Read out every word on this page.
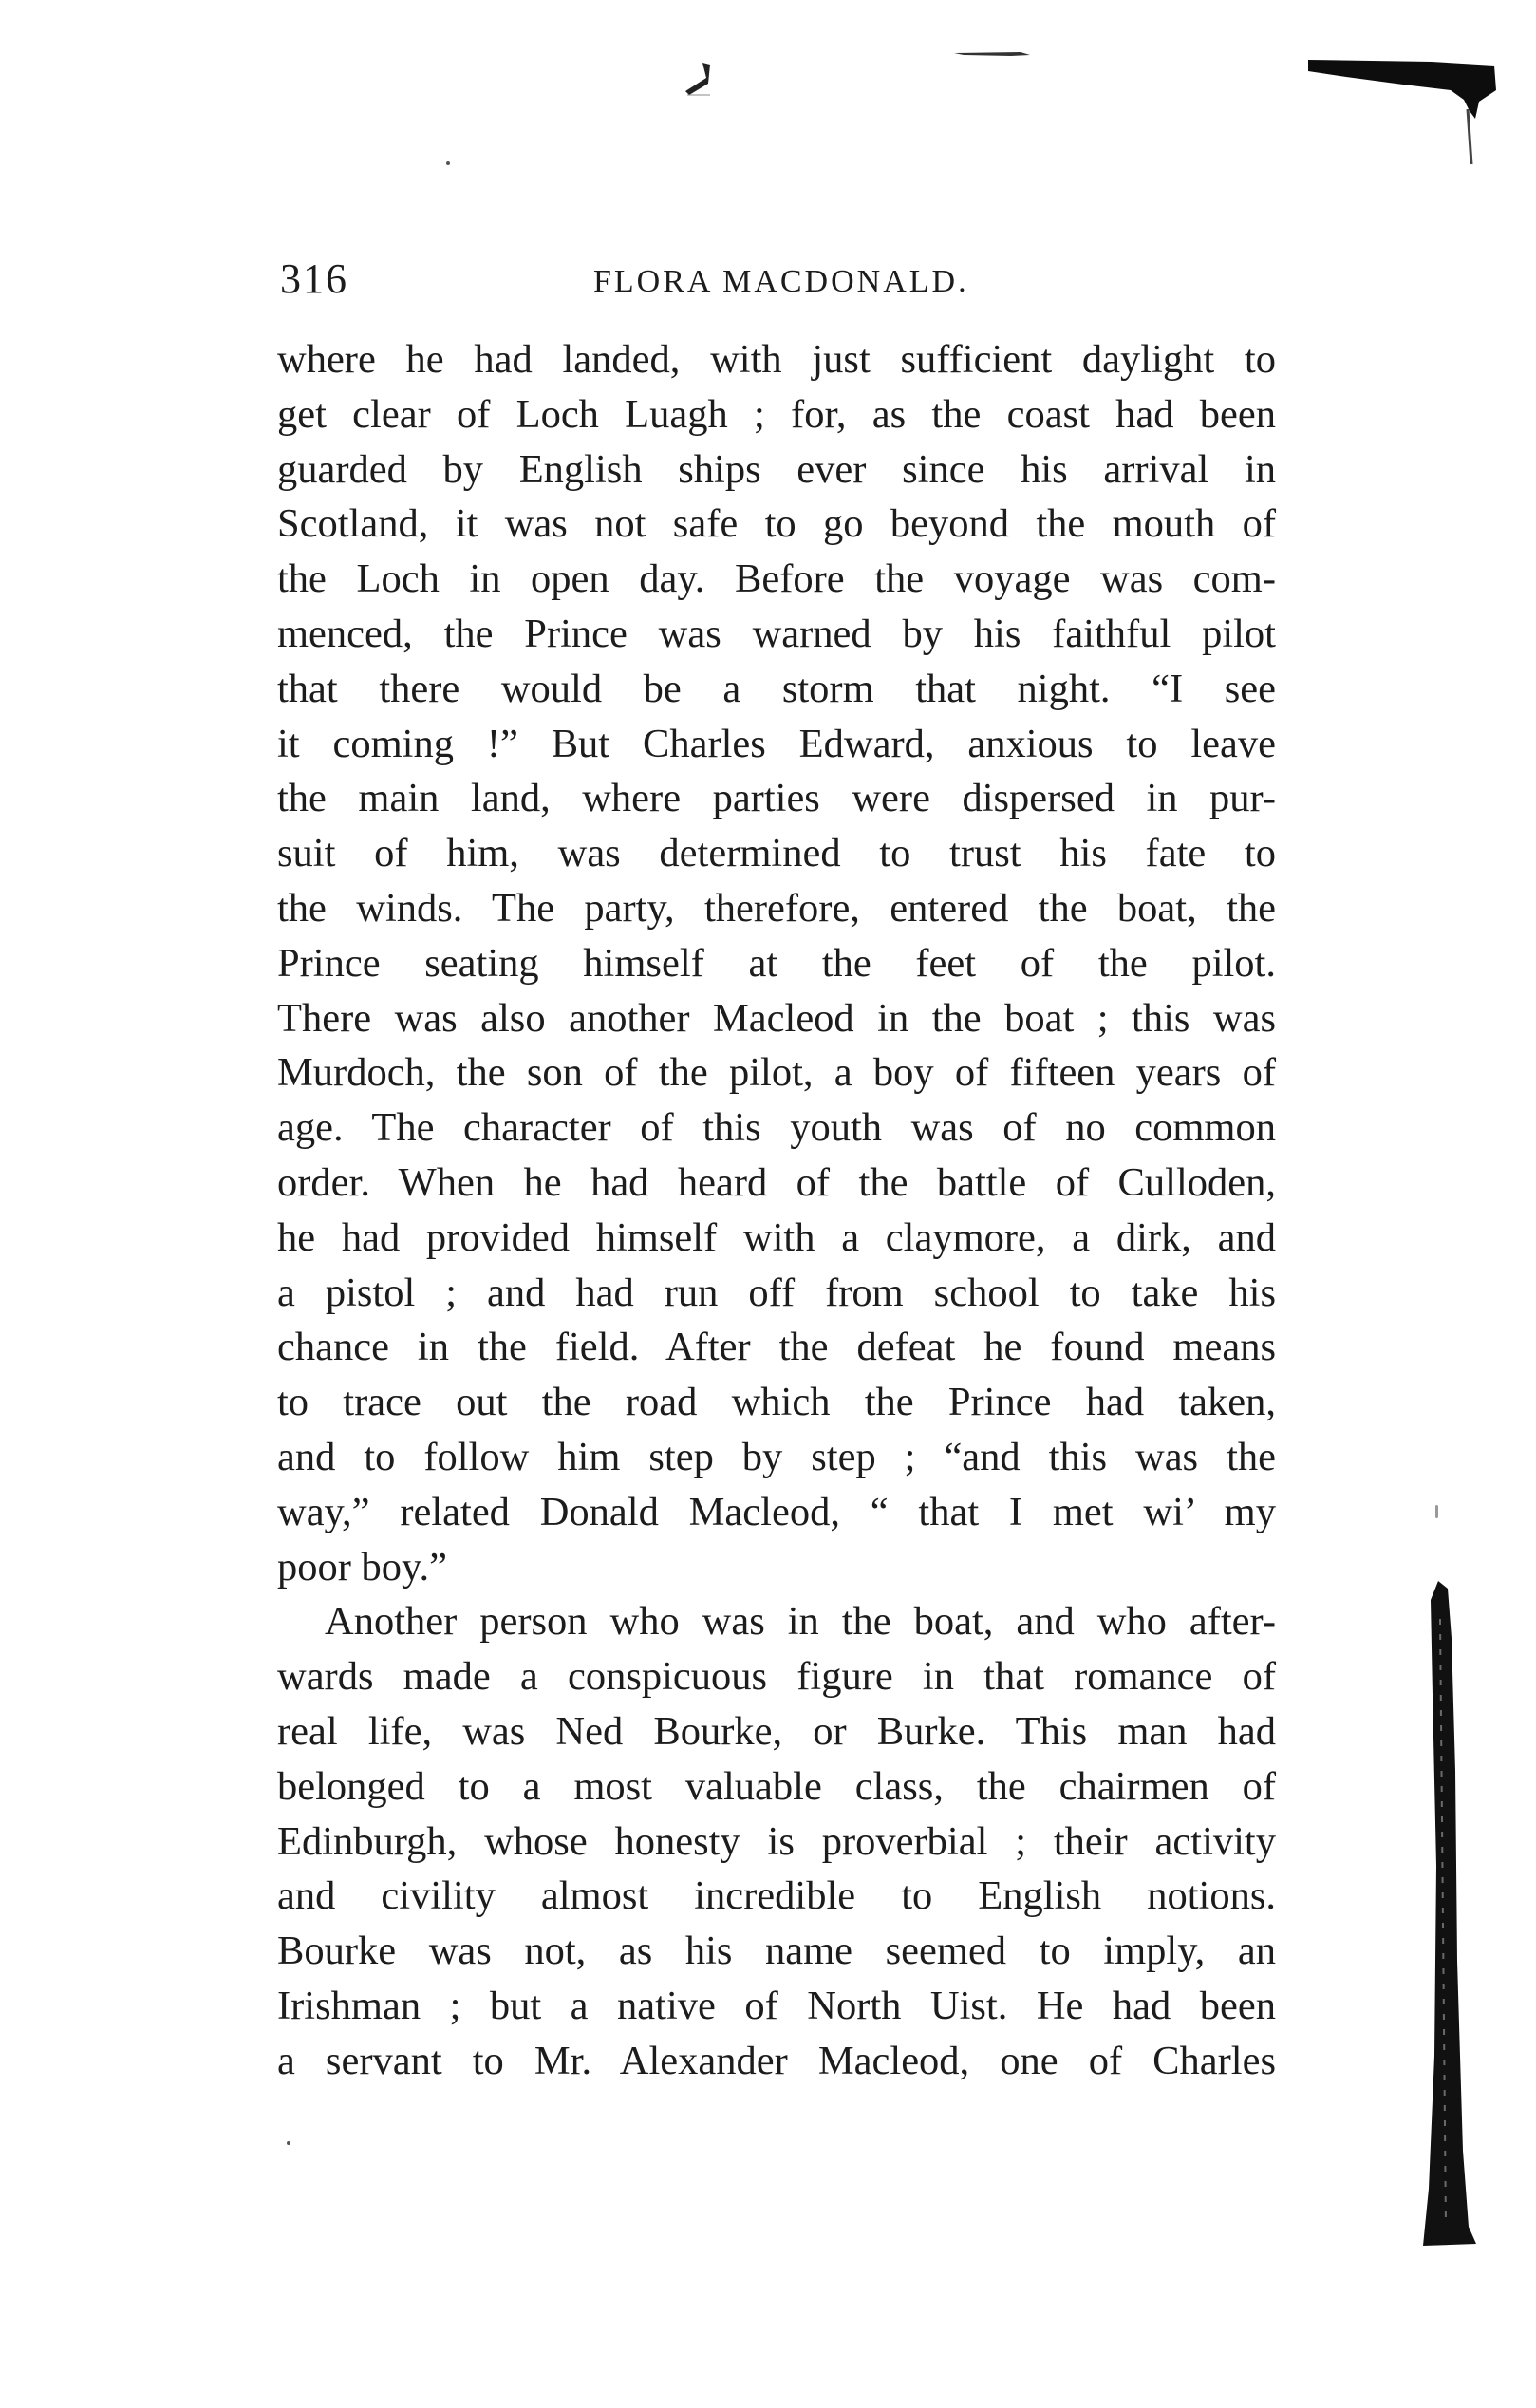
316	FLORA MACDONALD.
where he had landed, with just sufficient daylight to
get clear of Loch Luagh ; for, as the coast had been
guarded by English ships ever since his arrival in
Scotland, it was not safe to go beyond the mouth of
the Loch in open day. Before the voyage was com-
menced, the Prince was warned by his faithful pilot
that there would be a storm that night. “I see
it coming !” But Charles Edward, anxious to leave
the main land, where parties were dispersed in pur-
suit of him, was determined to trust his fate to
the winds. The party, therefore, entered the boat, the
Prince seating himself at the feet of the pilot.
There was also another Macleod in the boat ; this was
Murdoch, the son of the pilot, a boy of fifteen years of
age. The character of this youth was of no common
order. When he had heard of the battle of Culloden,
he had provided himself with a claymore, a dirk, and
a pistol ; and had run off from school to take his
chance in the field. After the defeat he found means
to trace out the road which the Prince had taken,
and to follow him step by step ; “and this was the
way,” related Donald Macleod, “ that I met wi’ my
poor boy.”
Another person who was in the boat, and who after-
wards made a conspicuous figure in that romance of
real life, was Ned Bourke, or Burke. This man had
belonged to a most valuable class, the chairmen of
Edinburgh, whose honesty is proverbial ; their activity
and civility almost incredible to English notions.
Bourke was not, as his name seemed to imply, an
Irishman ; but a native of North Uist. He had been
a servant to Mr. Alexander Macleod, one of Charles
